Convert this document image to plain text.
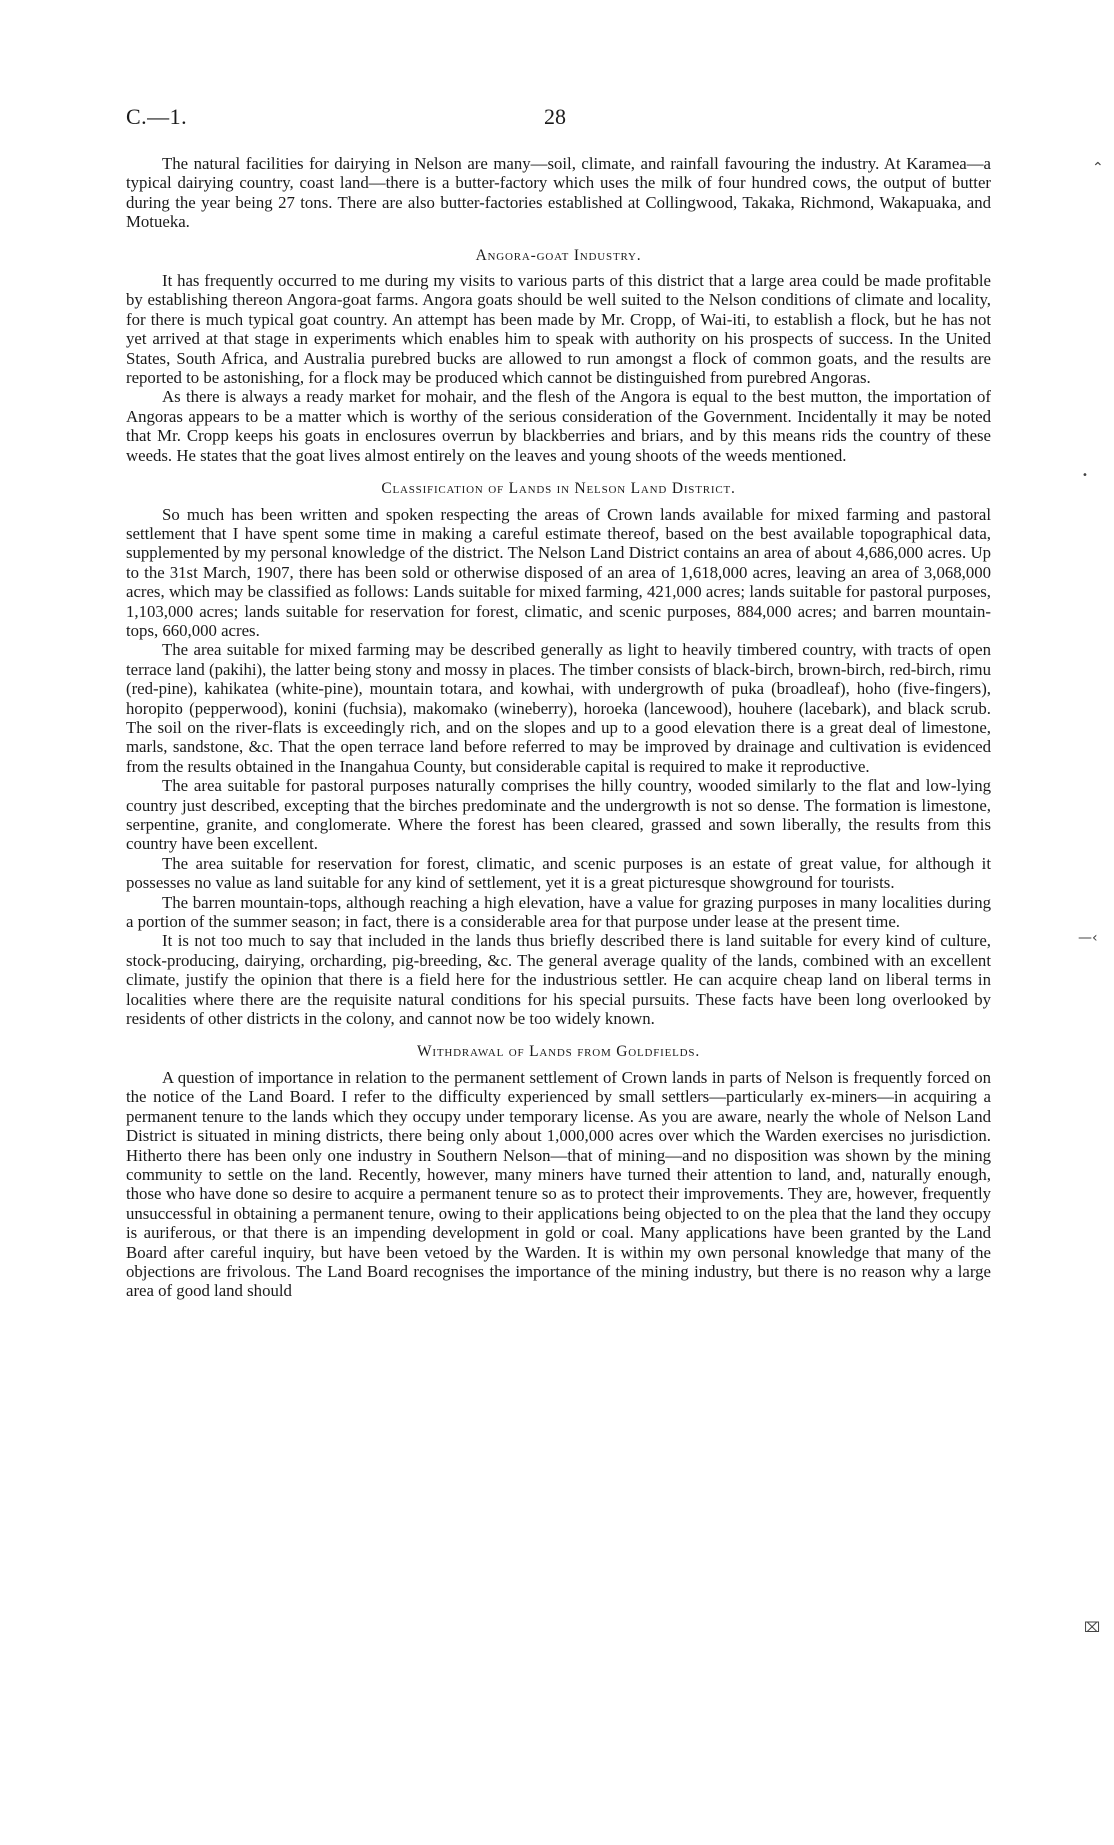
C.—1.	28

The natural facilities for dairying in Nelson are many—soil, climate, and rainfall favouring the industry. At Karamea—a typical dairying country, coast land—there is a butter-factory which uses the milk of four hundred cows, the output of butter during the year being 27 tons. There are also butter-factories established at Collingwood, Takaka, Richmond, Wakapuaka, and Motueka.

Angora-goat Industry.

It has frequently occurred to me during my visits to various parts of this district that a large area could be made profitable by establishing thereon Angora-goat farms. Angora goats should be well suited to the Nelson conditions of climate and locality, for there is much typical goat country. An attempt has been made by Mr. Cropp, of Wai-iti, to establish a flock, but he has not yet arrived at that stage in experiments which enables him to speak with authority on his prospects of success. In the United States, South Africa, and Australia purebred bucks are allowed to run amongst a flock of common goats, and the results are reported to be astonishing, for a flock may be produced which cannot be distinguished from purebred Angoras.

As there is always a ready market for mohair, and the flesh of the Angora is equal to the best mutton, the importation of Angoras appears to be a matter which is worthy of the serious consideration of the Government. Incidentally it may be noted that Mr. Cropp keeps his goats in enclosures overrun by blackberries and briars, and by this means rids the country of these weeds. He states that the goat lives almost entirely on the leaves and young shoots of the weeds mentioned.

Classification of Lands in Nelson Land District.

So much has been written and spoken respecting the areas of Crown lands available for mixed farming and pastoral settlement that I have spent some time in making a careful estimate thereof, based on the best available topographical data, supplemented by my personal knowledge of the district. The Nelson Land District contains an area of about 4,686,000 acres. Up to the 31st March, 1907, there has been sold or otherwise disposed of an area of 1,618,000 acres, leaving an area of 3,068,000 acres, which may be classified as follows: Lands suitable for mixed farming, 421,000 acres; lands suitable for pastoral purposes, 1,103,000 acres; lands suitable for reservation for forest, climatic, and scenic purposes, 884,000 acres; and barren mountain-tops, 660,000 acres.

The area suitable for mixed farming may be described generally as light to heavily timbered country, with tracts of open terrace land (pakihi), the latter being stony and mossy in places. The timber consists of black-birch, brown-birch, red-birch, rimu (red-pine), kahikatea (white-pine), mountain totara, and kowhai, with undergrowth of puka (broadleaf), hoho (five-fingers), horopito (pepperwood), konini (fuchsia), makomako (wineberry), horoeka (lancewood), houhere (lacebark), and black scrub. The soil on the river-flats is exceedingly rich, and on the slopes and up to a good elevation there is a great deal of limestone, marls, sandstone, &c. That the open terrace land before referred to may be improved by drainage and cultivation is evidenced from the results obtained in the Inangahua County, but considerable capital is required to make it reproductive.

The area suitable for pastoral purposes naturally comprises the hilly country, wooded similarly to the flat and low-lying country just described, excepting that the birches predominate and the undergrowth is not so dense. The formation is limestone, serpentine, granite, and conglomerate. Where the forest has been cleared, grassed and sown liberally, the results from this country have been excellent.

The area suitable for reservation for forest, climatic, and scenic purposes is an estate of great value, for although it possesses no value as land suitable for any kind of settlement, yet it is a great picturesque showground for tourists.

The barren mountain-tops, although reaching a high elevation, have a value for grazing purposes in many localities during a portion of the summer season; in fact, there is a considerable area for that purpose under lease at the present time.

It is not too much to say that included in the lands thus briefly described there is land suitable for every kind of culture, stock-producing, dairying, orcharding, pig-breeding, &c. The general average quality of the lands, combined with an excellent climate, justify the opinion that there is a field here for the industrious settler. He can acquire cheap land on liberal terms in localities where there are the requisite natural conditions for his special pursuits. These facts have been long overlooked by residents of other districts in the colony, and cannot now be too widely known.

Withdrawal of Lands from Goldfields.

A question of importance in relation to the permanent settlement of Crown lands in parts of Nelson is frequently forced on the notice of the Land Board. I refer to the difficulty experienced by small settlers—particularly ex-miners—in acquiring a permanent tenure to the lands which they occupy under temporary license. As you are aware, nearly the whole of Nelson Land District is situated in mining districts, there being only about 1,000,000 acres over which the Warden exercises no jurisdiction. Hitherto there has been only one industry in Southern Nelson—that of mining—and no disposition was shown by the mining community to settle on the land. Recently, however, many miners have turned their attention to land, and, naturally enough, those who have done so desire to acquire a permanent tenure so as to protect their improvements. They are, however, frequently unsuccessful in obtaining a permanent tenure, owing to their applications being objected to on the plea that the land they occupy is auriferous, or that there is an impending development in gold or coal. Many applications have been granted by the Land Board after careful inquiry, but have been vetoed by the Warden. It is within my own personal knowledge that many of the objections are frivolous. The Land Board recognises the importance of the mining industry, but there is no reason why a large area of good land should

⌃
•
—‹
⌧
